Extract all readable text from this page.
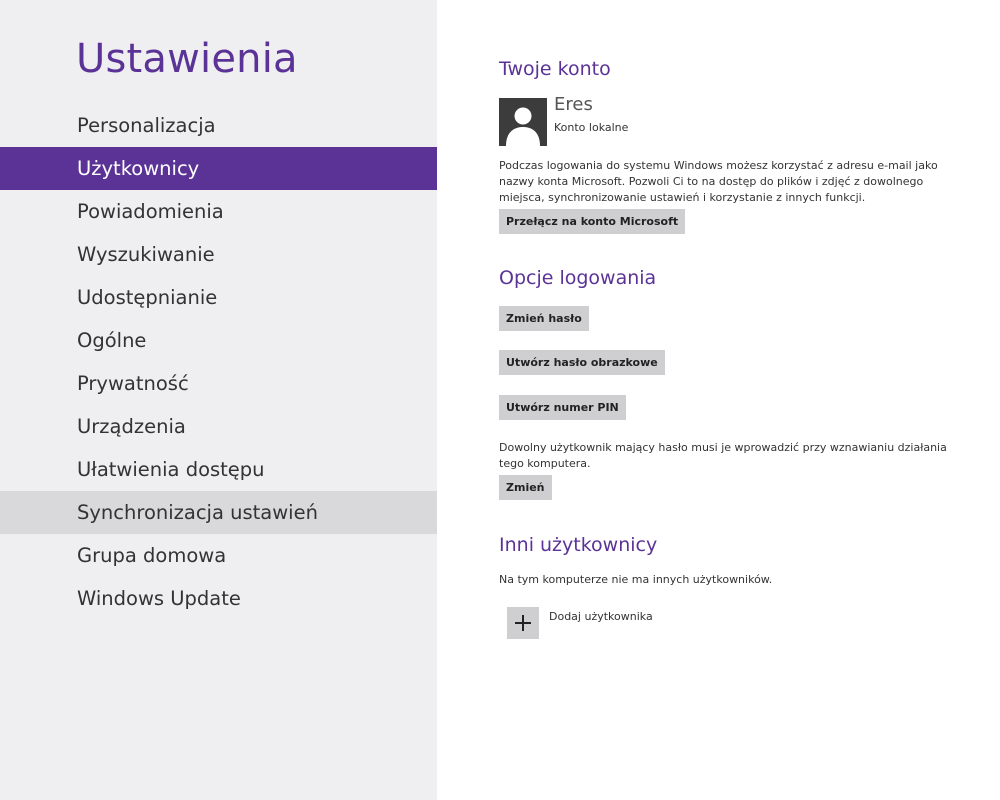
Ustawienia
Personalizacja
Użytkownicy
Powiadomienia
Wyszukiwanie
Udostępnianie
Ogólne
Prywatność
Urządzenia
Ułatwienia dostępu
Synchronizacja ustawień
Grupa domowa
Windows Update
Twoje konto
Eres
Konto lokalne

Podczas logowania do systemu Windows możesz korzystać z adresu e-mail jako nazwy konta Microsoft. Pozwoli Ci to na dostęp do plików i zdjęć z dowolnego miejsca, synchronizowanie ustawień i korzystanie z innych funkcji.

Przełącz na konto Microsoft
Opcje logowania
Zmień hasło
Utwórz hasło obrazkowe
Utwórz numer PIN

Dowolny użytkownik mający hasło musi je wprowadzić przy wznawianiu działania tego komputera.

Zmień
Inni użytkownicy

Na tym komputerze nie ma innych użytkowników.

Dodaj użytkownika
